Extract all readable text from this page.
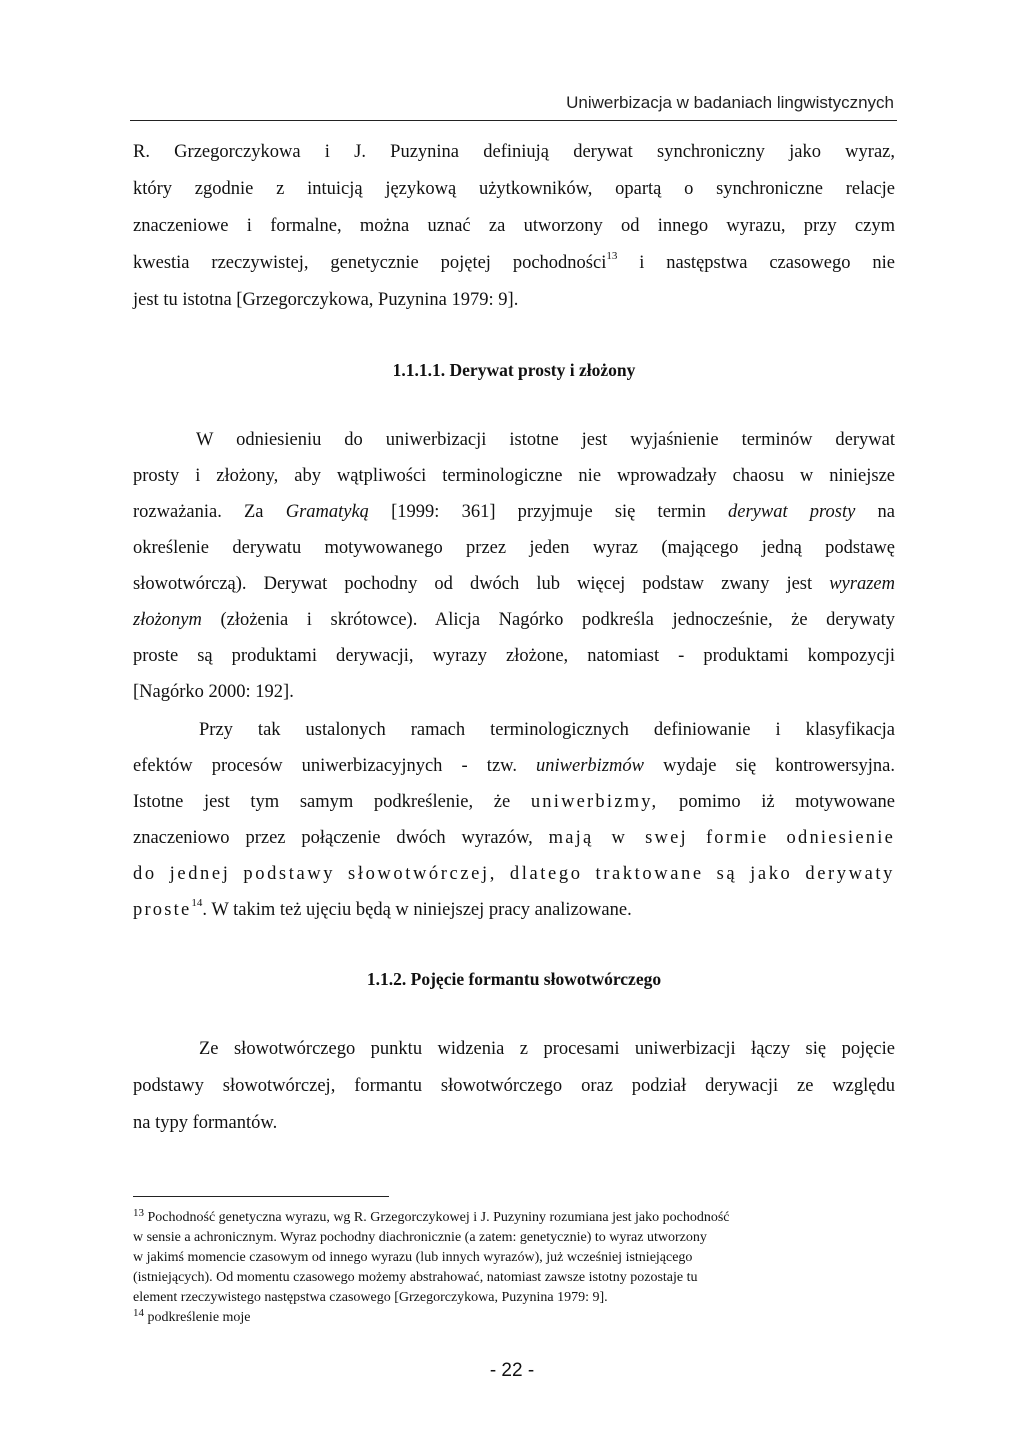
Uniwerbizacja w badaniach lingwistycznych
R. Grzegorczykowa i J. Puzynina definiują derywat synchroniczny jako wyraz,
który zgodnie z intuicją językową użytkowników, opartą o synchroniczne relacje
znaczeniowe i formalne, można uznać za utworzony od innego wyrazu, przy czym
kwestia rzeczywistej, genetycznie pojętej pochodności$^{13}$ i następstwa czasowego nie
jest tu istotna [Grzegorczykowa, Puzynina 1979: 9].
1.1.1.1. Derywat prosty i złożony
W odniesieniu do uniwerbizacji istotne jest wyjaśnienie terminów derywat
prosty i złożony, aby wątpliwości terminologiczne nie wprowadzały chaosu w niniejsze
rozważania. Za Gramatyką [1999: 361] przyjmuje się termin derywat prosty na
określenie derywatu motywowanego przez jeden wyraz (mającego jedną podstawę
słowotwórczą). Derywat pochodny od dwóch lub więcej podstaw zwany jest wyrazem
złożonym (złożenia i skrótowce). Alicja Nagórko podkreśla jednocześnie, że derywaty
proste są produktami derywacji, wyrazy złożone, natomiast - produktami kompozycji
[Nagórko 2000: 192].
Przy tak ustalonych ramach terminologicznych definiowanie i klasyfikacja
efektów procesów uniwerbizacyjnych - tzw. uniwerbizmów wydaje się kontrowersyjna.
Istotne jest tym samym podkreślenie, że uniwerbizmy, pomimo iż motywowane
znaczeniowo przez połączenie dwóch wyrazów, mają w swej formie odniesienie
do jednej podstawy słowotwórczej, dlatego traktowane są jako derywaty
proste$^{14}$. W takim też ujęciu będą w niniejszej pracy analizowane.
1.1.2. Pojęcie formantu słowotwórczego
Ze słowotwórczego punktu widzenia z procesami uniwerbizacji łączy się pojęcie
podstawy słowotwórczej, formantu słowotwórczego oraz podział derywacji ze względu
na typy formantów.
$^{13}$ Pochodność genetyczna wyrazu, wg R. Grzegorczykowej i J. Puzyniny rozumiana jest jako pochodność
w sensie a achronicznym. Wyraz pochodny diachronicznie (a zatem: genetycznie) to wyraz utworzony
w jakimś momencie czasowym od innego wyrazu (lub innych wyrazów), już wcześniej istniejącego
(istniejących). Od momentu czasowego możemy abstrahować, natomiast zawsze istotny pozostaje tu
element rzeczywistego następstwa czasowego [Grzegorczykowa, Puzynina 1979: 9].
$^{14}$ podkreślenie moje
- 22 -
